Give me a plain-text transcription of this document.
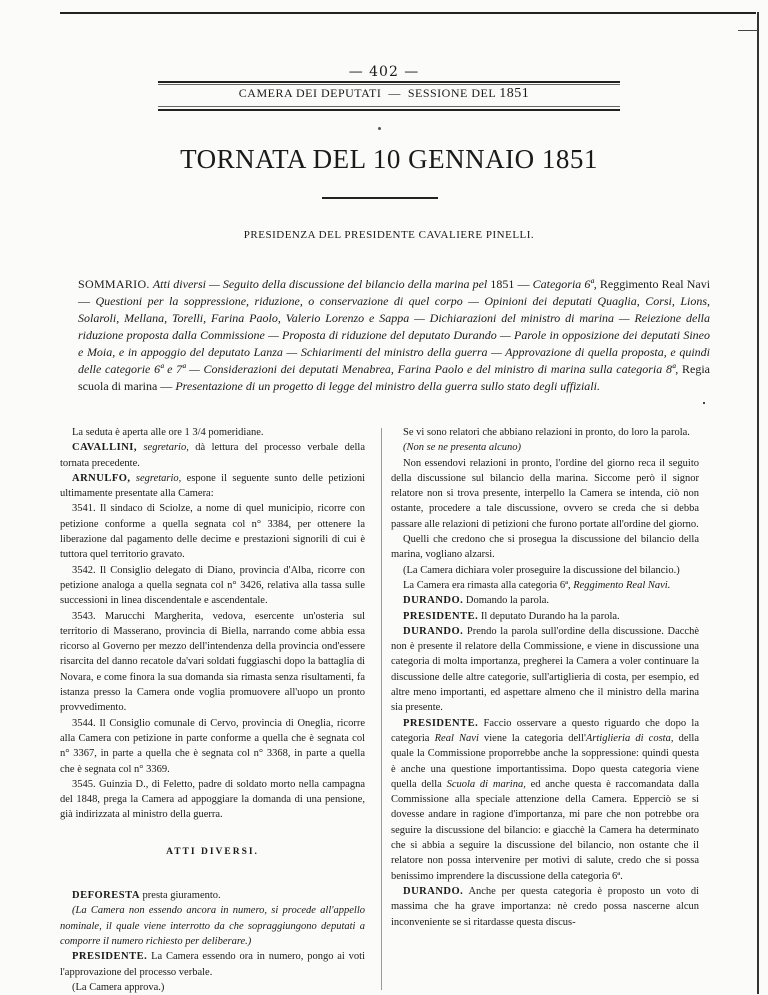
— 402 —
CAMERA DEI DEPUTATI — SESSIONE DEL 1851
TORNATA DEL 10 GENNAIO 1851
PRESIDENZA DEL PRESIDENTE CAVALIERE PINELLI.
SOMMARIO. Atti diversi — Seguito della discussione del bilancio della marina pel 1851 — Categoria 6ª, Reggimento Real Navi — Questioni per la soppressione, riduzione, o conservazione di quel corpo — Opinioni dei deputati Quaglia, Corsi, Lions, Solaroli, Mellana, Torelli, Farina Paolo, Valerio Lorenzo e Sappa — Dichiarazioni del ministro di marina — Reiezione della riduzione proposta dalla Commissione — Proposta di riduzione del deputato Durando — Parole in opposizione dei deputati Sineo e Moia, e in appoggio del deputato Lanza — Schiarimenti del ministro della guerra — Approvazione di quella proposta, e quindi delle categorie 6ª e 7ª — Considerazioni dei deputati Menabrea, Farina Paolo e del ministro di marina sulla categoria 8ª, Regia scuola di marina — Presentazione di un progetto di legge del ministro della guerra sullo stato degli uffiziali.

La seduta è aperta alle ore 1 3/4 pomeridiane.

CAVALLINI, segretario, dà lettura del processo verbale della tornata precedente.

ARNULFO, segretario, espone il seguente sunto delle petizioni ultimamente presentate alla Camera:

3541. Il sindaco di Sciolze, a nome di quel municipio, ricorre con petizione conforme a quella segnata col n° 3384, per ottenere la liberazione dal pagamento delle decime e prestazioni signorili di cui è tuttora quel territorio gravato.

3542. Il Consiglio delegato di Diano, provincia d'Alba, ricorre con petizione analoga a quella segnata col n° 3426, relativa alla tassa sulle successioni in linea discendentale e ascendentale.

3543. Marucchi Margherita, vedova, esercente un'osteria sul territorio di Masserano, provincia di Biella, narrando come abbia essa ricorso al Governo per mezzo dell'intendenza della provincia ond'essere risarcita del danno recatole da'vari soldati fuggiaschi dopo la battaglia di Novara, e come finora la sua domanda sia rimasta senza risultamenti, fa istanza presso la Camera onde voglia promuovere all'uopo un pronto provvedimento.

3544. Il Consiglio comunale di Cervo, provincia di Oneglia, ricorre alla Camera con petizione in parte conforme a quella che è segnata col n° 3367, in parte a quella che è segnata col n° 3368, in parte a quella che è segnata col n° 3369.

3545. Guinzia D., di Feletto, padre di soldato morto nella campagna del 1848, prega la Camera ad appoggiare la domanda di una pensione, già indirizzata al ministro della guerra.

ATTI DIVERSI.

DEFORESTA presta giuramento.

(La Camera non essendo ancora in numero, si procede all'appello nominale, il quale viene interrotto da che sopraggiungono deputati a comporre il numero richiesto per deliberare.)

PRESIDENTE. La Camera essendo ora in numero, pongo ai voti l'approvazione del processo verbale.

(La Camera approva.)

Se vi sono relatori che abbiano relazioni in pronto, do loro la parola.

(Non se ne presenta alcuno)

Non essendovi relazioni in pronto, l'ordine del giorno reca il seguito della discussione sul bilancio della marina. Siccome però il signor relatore non si trova presente, interpello la Camera se intenda, ciò non ostante, procedere a tale discussione, ovvero se creda che si debba passare alle relazioni di petizioni che furono portate all'ordine del giorno.

Quelli che credono che si prosegua la discussione del bilancio della marina, vogliano alzarsi.

(La Camera dichiara voler proseguire la discussione del bilancio.)

La Camera era rimasta alla categoria 6ª, Reggimento Real Navi.

DURANDO. Domando la parola.

PRESIDENTE. Il deputato Durando ha la parola.

DURANDO. Prendo la parola sull'ordine della discussione. Dacchè non è presente il relatore della Commissione, e viene in discussione una categoria di molta importanza, pregherei la Camera a voler continuare la discussione delle altre categorie, sull'artiglieria di costa, per esempio, ed altre meno importanti, ed aspettare almeno che il ministro della marina sia presente.

PRESIDENTE. Faccio osservare a questo riguardo che dopo la categoria Real Navi viene la categoria dell'Artiglieria di costa, della quale la Commissione proporrebbe anche la soppressione: quindi questa è anche una questione importantissima. Dopo questa categoria viene quella della Scuola di marina, ed anche questa è raccomandata dalla Commissione alla speciale attenzione della Camera. Epperciò se si dovesse andare in ragione d'importanza, mi pare che non potrebbe ora seguire la discussione del bilancio: e giacchè la Camera ha determinato che si abbia a seguire la discussione del bilancio, non ostante che il relatore non possa intervenire per motivi di salute, credo che si possa benissimo imprendere la discussione della categoria 6ª.

DURANDO. Anche per questa categoria è proposto un voto di massima che ha grave importanza: nè credo possa nascerne alcun inconveniente se si ritardasse questa discus-
